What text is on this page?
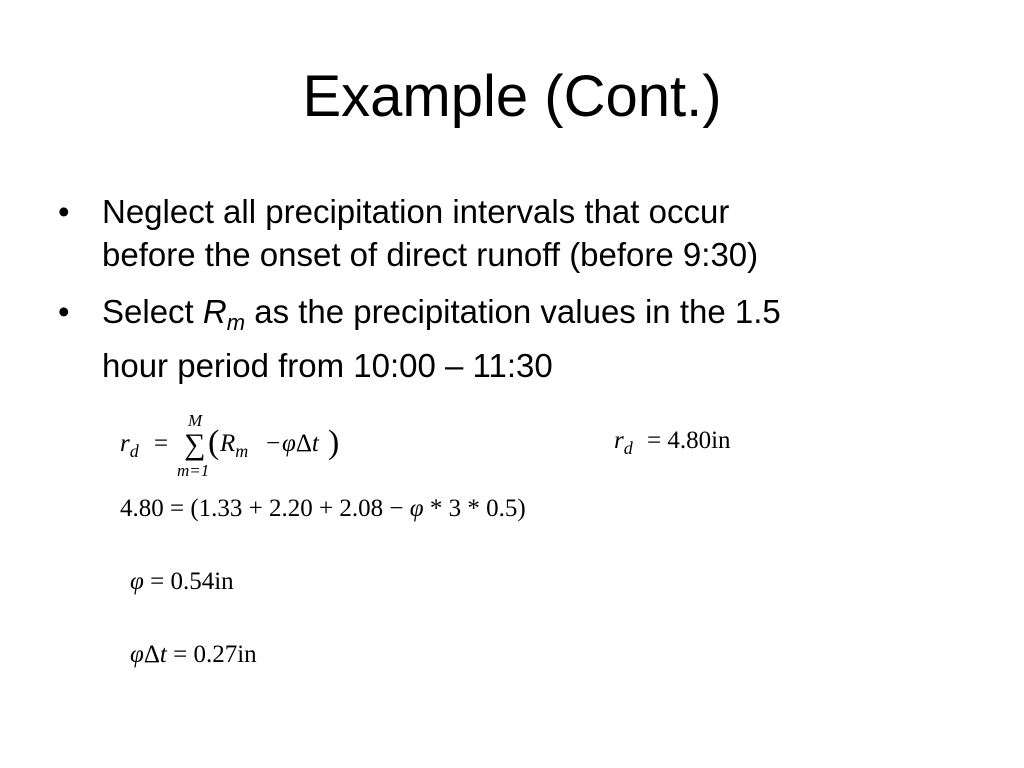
Example (Cont.)
• Neglect all precipitation intervals that occur
before the onset of direct runoff (before 9:30)
• Select $R_m$ as the precipitation values in the 1.5
hour period from 10:00 – 11:30
$r_d$ =
M
∑
m=1
( $R_m - \varphi\Delta t$ )	$r_d = 4.80in$
4.80 = (1.33 + 2.20 + 2.08 − φ * 3 * 0.5)
φ = 0.54in
φΔt = 0.27in
